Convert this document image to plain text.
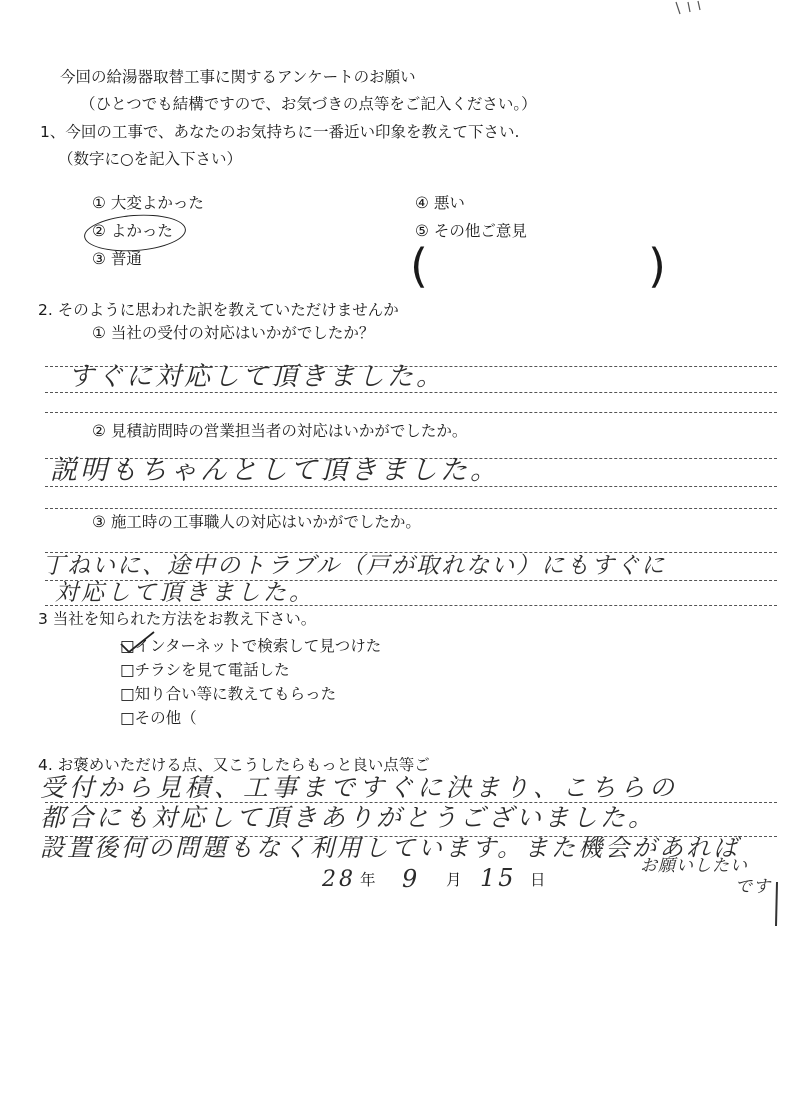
今回の給湯器取替工事に関するアンケートのお願い
（ひとつでも結構ですので、お気づきの点等をご記入ください。）
1、今回の工事で、あなたのお気持ちに一番近い印象を教えて下さい.
（数字に○を記入下さい）
① 大変よかった
② よかった
③ 普通
④ 悪い
⑤ その他ご意見
(	)
2. そのように思われた訳を教えていただけませんか
① 当社の受付の対応はいかがでしたか？
すぐに対応して頂きました。
② 見積訪問時の営業担当者の対応はいかがでしたか。
説明もちゃんとして頂きました。
③ 施工時の工事職人の対応はいかがでしたか。
丁ねいに、途中のトラブル（戸が取れない）にもすぐに
対応して頂きました。
3 当社を知られた方法をお教え下さい。
□インターネットで検索して見つけた
□チラシを見て電話した
□知り合い等に教えてもらった
□その他（
4. お褒めいただける点、又こうしたらもっと良い点等ご
受付から見積、工事まですぐに決まり、こちらの
都合にも対応して頂きありがとうございました。
設置後何の問題もなく利用しています。また機会があれば
お願いしたい
です
28 年 9 月 15 日
